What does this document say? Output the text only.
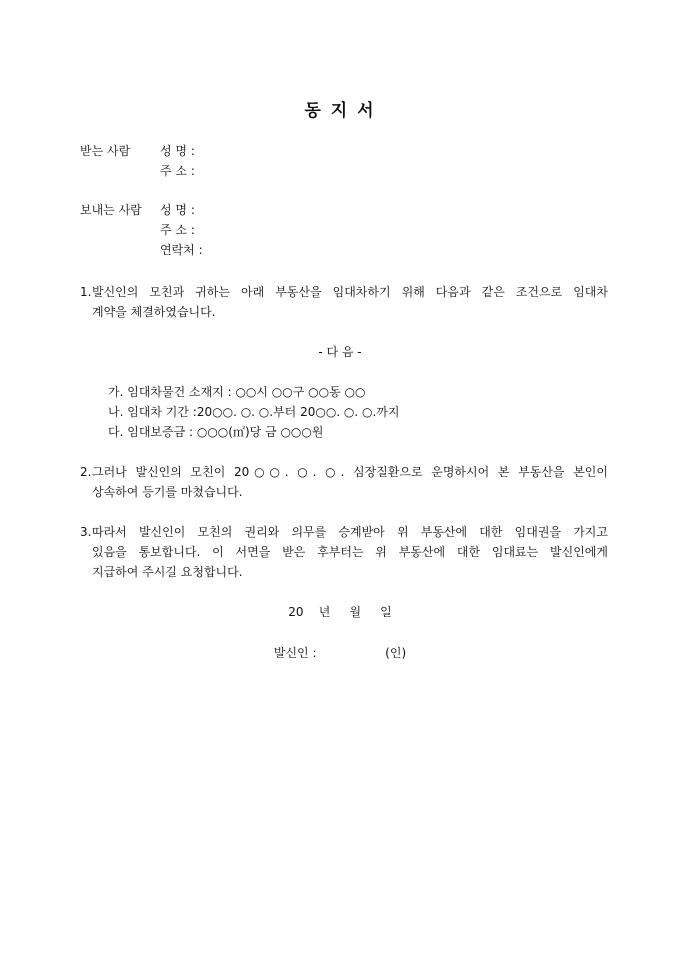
동 지 서
받는 사람	성 명 :
주 소 :
보내는 사람	성 명 :
주 소 :
연락처 :
1. 발신인의 모친과 귀하는 아래 부동산을 임대차하기 위해 다음과 같은 조건으로 임대차
계약을 체결하였습니다.
- 다 음 -
가. 임대차물건 소재지 : ○○시 ○○구 ○○동 ○○
나. 임대차 기간 :20○○. ○. ○.부터 20○○. ○. ○.까지
다. 임대보증금 : ○○○(㎡)당 금 ○○○원
2. 그러나 발신인의 모친이 20○○. ○. ○. 심장질환으로 운명하시어 본 부동산을 본인이
상속하여 등기를 마쳤습니다.
3. 따라서 발신인이 모친의 권리와 의무를 승계받아 위 부동산에 대한 임대권을 가지고
있음을 통보합니다. 이 서면을 받은 후부터는 위 부동산에 대한 임대료는 발신인에게
지급하여 주시길 요청합니다.
20    년     월     일
발신인 :                  (인)
